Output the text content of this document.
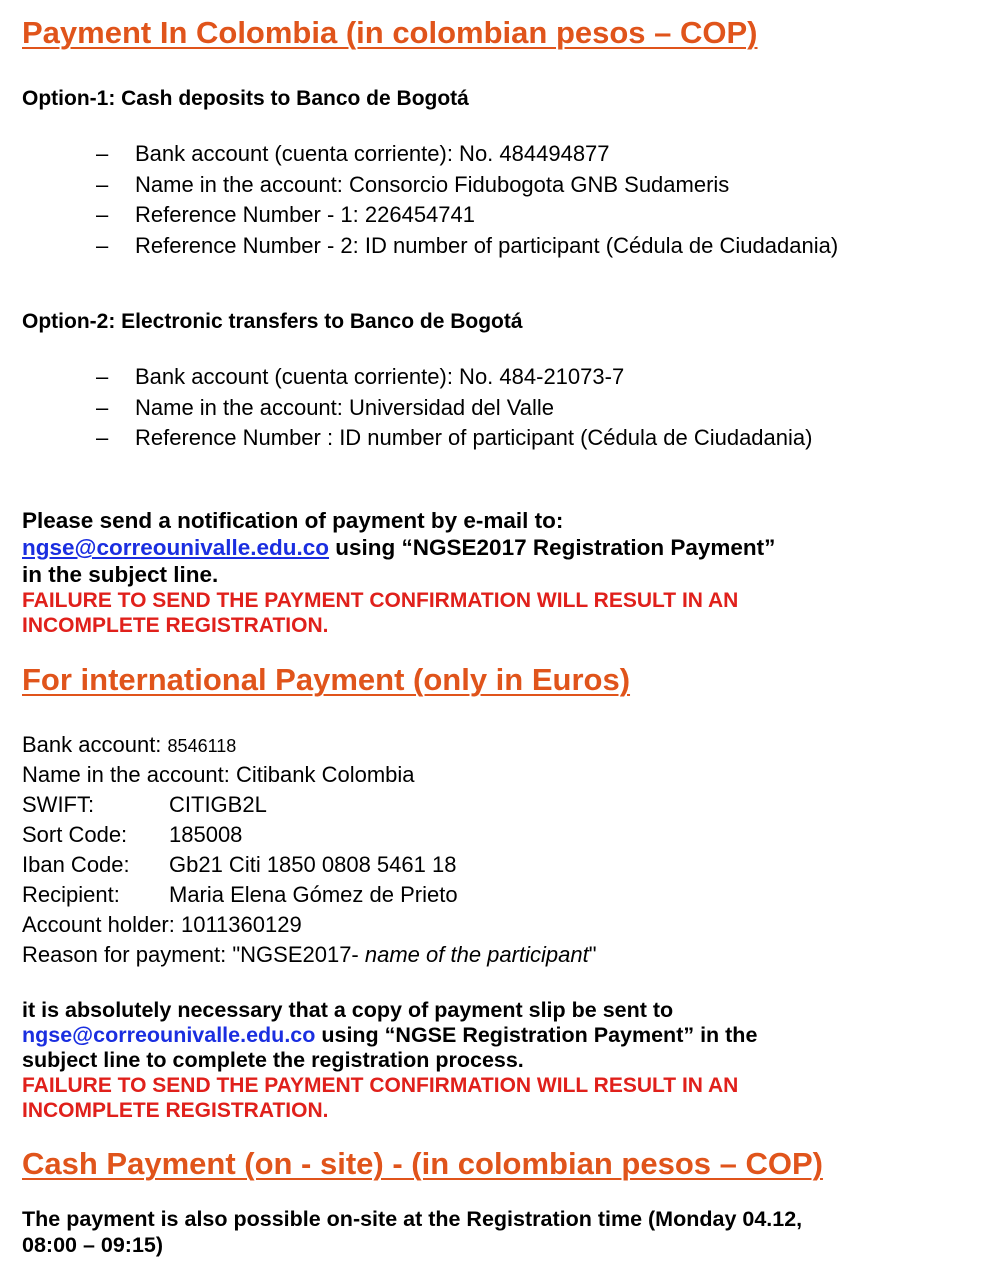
Payment In Colombia (in colombian pesos – COP)
Option-1: Cash deposits to Banco de Bogotá
– Bank account (cuenta corriente): No. 484494877
– Name in the account: Consorcio Fidubogota GNB Sudameris
– Reference Number - 1: 226454741
– Reference Number - 2: ID number of participant (Cédula de Ciudadania)
Option-2: Electronic transfers to Banco de Bogotá
– Bank account (cuenta corriente): No. 484-21073-7
– Name in the account: Universidad del Valle
– Reference Number : ID number of participant (Cédula de Ciudadania)
Please send a notification of payment by e-mail to:
ngse@correounivalle.edu.co using “NGSE2017 Registration Payment”
in the subject line.
FAILURE TO SEND THE PAYMENT CONFIRMATION WILL RESULT IN AN
INCOMPLETE REGISTRATION.
For international Payment (only in Euros)
Bank account: 8546118
Name in the account: Citibank Colombia
SWIFT:	CITIGB2L
Sort Code: 185008
Iban Code: Gb21 Citi 1850 0808 5461 18
Recipient: Maria Elena Gómez de Prieto
Account holder: 1011360129
Reason for payment: "NGSE2017- name of the participant"
it is absolutely necessary that a copy of payment slip be sent to
ngse@correounivalle.edu.co using “NGSE Registration Payment” in the
subject line to complete the registration process.
FAILURE TO SEND THE PAYMENT CONFIRMATION WILL RESULT IN AN
INCOMPLETE REGISTRATION.
Cash Payment (on - site) - (in colombian pesos – COP)
The payment is also possible on-site at the Registration time (Monday 04.12,
08:00 – 09:15)
